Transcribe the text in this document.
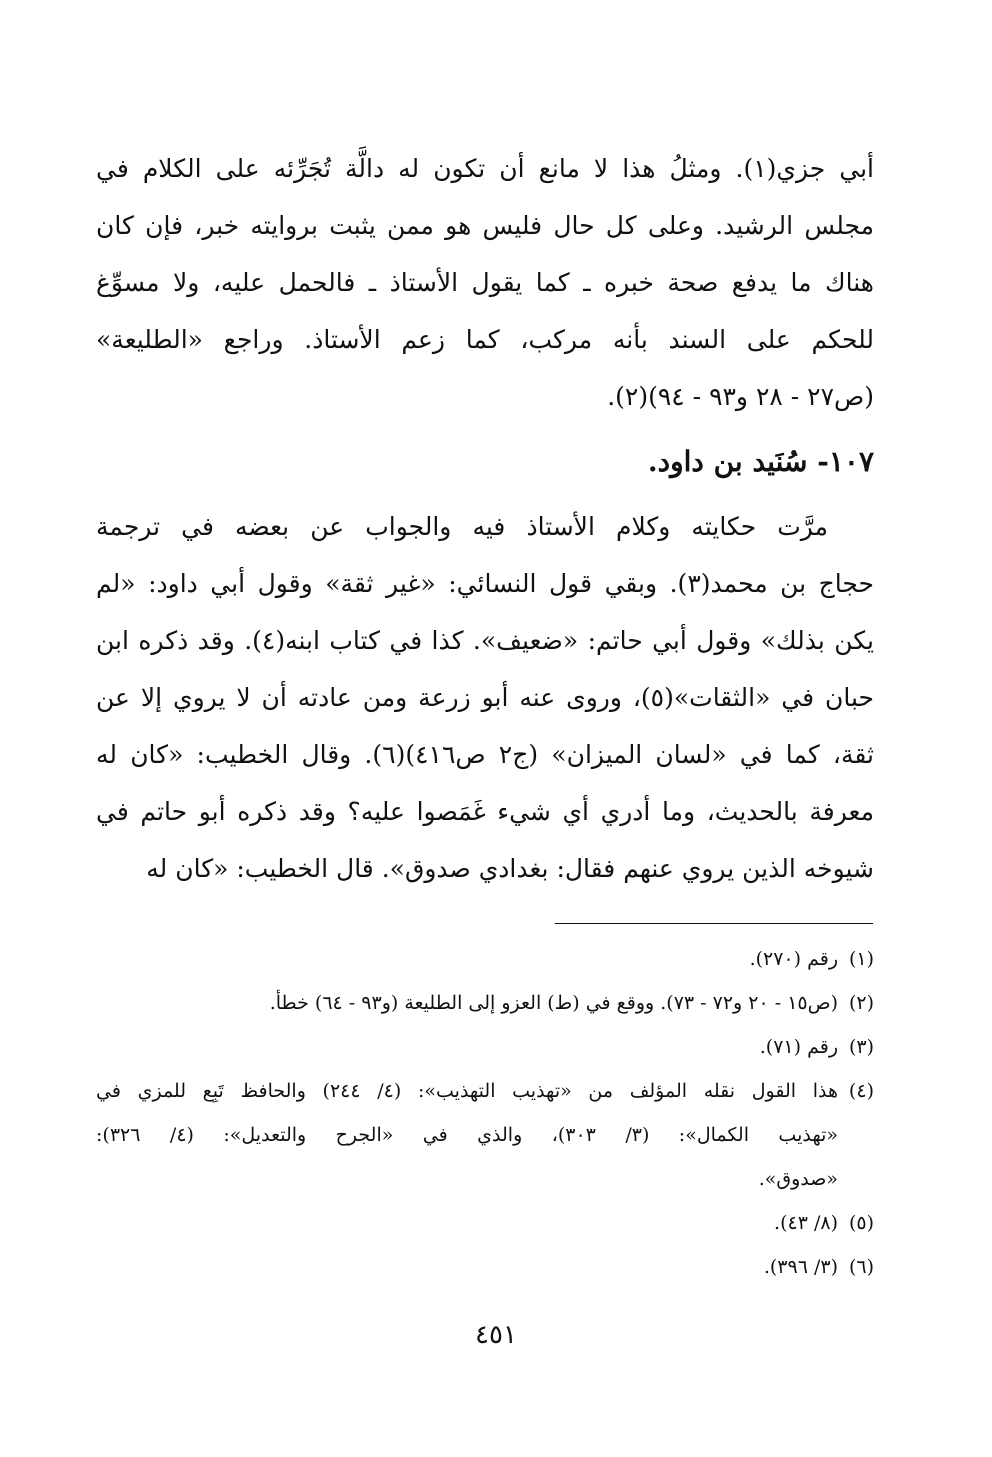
أبي جزي(١). ومثلُ هذا لا مانع أن تكون له دالَّة تُجَرِّئه على الكلام في
مجلس الرشيد. وعلى كل حال فليس هو ممن يثبت بروايته خبر، فإن كان
هناك ما يدفع صحة خبره ـ كما يقول الأستاذ ـ فالحمل عليه، ولا مسوِّغ
للحكم على السند بأنه مركب، كما زعم الأستاذ. وراجع «الطليعة»
(ص٢٧ - ٢٨ و٩٣ - ٩٤)(٢).
١٠٧- سُنَيد بن داود.
مرَّت حكايته وكلام الأستاذ فيه والجواب عن بعضه في ترجمة
حجاج بن محمد(٣). وبقي قول النسائي: «غير ثقة» وقول أبي داود: «لم
يكن بذلك» وقول أبي حاتم: «ضعيف». كذا في كتاب ابنه(٤). وقد ذكره ابن
حبان في «الثقات»(٥)، وروى عنه أبو زرعة ومن عادته أن لا يروي إلا عن
ثقة، كما في «لسان الميزان» (ج٢ ص٤١٦)(٦). وقال الخطيب: «كان له
معرفة بالحديث، وما أدري أي شيء غَمَصوا عليه؟ وقد ذكره أبو حاتم في
شيوخه الذين يروي عنهم فقال: بغدادي صدوق». قال الخطيب: «كان له
(١)رقم (٢٧٠).
(٢)(ص١٥ - ٢٠ و٧٢ - ٧٣). ووقع في (ط) العزو إلى الطليعة (و٩٣ - ٦٤) خطأ.
(٣)رقم (٧١).
(٤)هذا القول نقله المؤلف من «تهذيب التهذيب»: (٤/ ٢٤٤) والحافظ تَبِع للمزي في
«تهذيب الكمال»: (٣/ ٣٠٣)، والذي في «الجرح والتعديل»: (٤/ ٣٢٦):
«صدوق».
(٥)(٨/ ٤٣).
(٦)(٣/ ٣٩٦).
٤٥١
